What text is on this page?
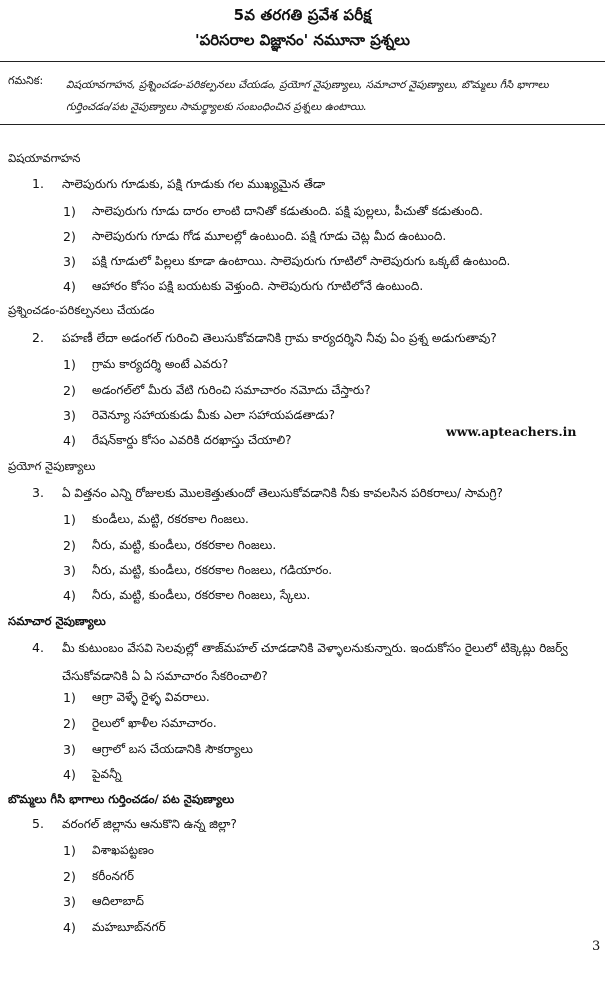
5వ తరగతి ప్రవేశ పరీక్ష
'పరిసరాల విజ్ఞానం' నమూనా ప్రశ్నలు
గమనిక:	విషయావగాహన, ప్రశ్నించడం-పరికల్పనలు చేయడం, ప్రయోగ నైపుణ్యాలు, సమాచార నైపుణ్యాలు, బొమ్మలు గీసి భాగాలు గుర్తించడం/పట నైపుణ్యాలు సామర్థ్యాలకు సంబంధించిన ప్రశ్నలు ఉంటాయి.
విషయావగాహన
1. సాలెపురుగు గూడుకు, పక్షి గూడుకు గల ముఖ్యమైన తేడా
1) సాలెపురుగు గూడు దారం లాంటి దానితో కడుతుంది. పక్షి పుల్లలు, పీచుతో కడుతుంది.
2) సాలెపురుగు గూడు గోడ మూలల్లో ఉంటుంది. పక్షి గూడు చెట్ల మీద ఉంటుంది.
3) పక్షి గూడులో పిల్లలు కూడా ఉంటాయి. సాలెపురుగు గూటిలో సాలెపురుగు ఒక్కటే ఉంటుంది.
4) ఆహారం కోసం పక్షి బయటకు వెళ్తుంది. సాలెపురుగు గూటిలోనే ఉంటుంది.
ప్రశ్నించడం-పరికల్పనలు చేయడం
2. పహణీ లేదా అడంగల్ గురించి తెలుసుకోవడానికి గ్రామ కార్యదర్శిని నీవు ఏం ప్రశ్న అడుగుతావు?
1) గ్రామ కార్యదర్శి అంటే ఎవరు?
2) అడంగల్‌లో మీరు వేటి గురించి సమాచారం నమోదు చేస్తారు?
3) రెవెన్యూ సహాయకుడు మీకు ఎలా సహాయపడతాడు?
4) రేషన్‌కార్డు కోసం ఎవరికి దరఖాస్తు చేయాలి?
www.apteachers.in
ప్రయోగ నైపుణ్యాలు
3. ఏ విత్తనం ఎన్ని రోజులకు మొలకెత్తుతుందో తెలుసుకోవడానికి నీకు కావలసిన పరికరాలు/ సామగ్రి?
1) కుండీలు, మట్టి, రకరకాల గింజలు.
2) నీరు, మట్టి, కుండీలు, రకరకాల గింజలు.
3) నీరు, మట్టి, కుండీలు, రకరకాల గింజలు, గడియారం.
4) నీరు, మట్టి, కుండీలు, రకరకాల గింజలు, స్కేలు.
సమాచార నైపుణ్యాలు
4. మీ కుటుంబం వేసవి సెలవుల్లో తాజ్‌మహల్ చూడడానికి వెళ్ళాలనుకున్నారు. ఇందుకోసం రైలులో టిక్కెట్లు రిజర్వ్ చేసుకోవడానికి ఏ ఏ సమాచారం సేకరించాలి?
1) ఆగ్రా వెళ్ళే రైళ్ళ వివరాలు.
2) రైలులో ఖాళీల సమాచారం.
3) ఆగ్రాలో బస చేయడానికి సౌకర్యాలు
4) పైవన్నీ
బొమ్మలు గీసి భాగాలు గుర్తించడం/ పట నైపుణ్యాలు
5. వరంగల్ జిల్లాను ఆనుకొని ఉన్న జిల్లా?
1) విశాఖపట్టణం
2) కరీంనగర్
3) ఆదిలాబాద్
4) మహబూబ్‌నగర్
3
